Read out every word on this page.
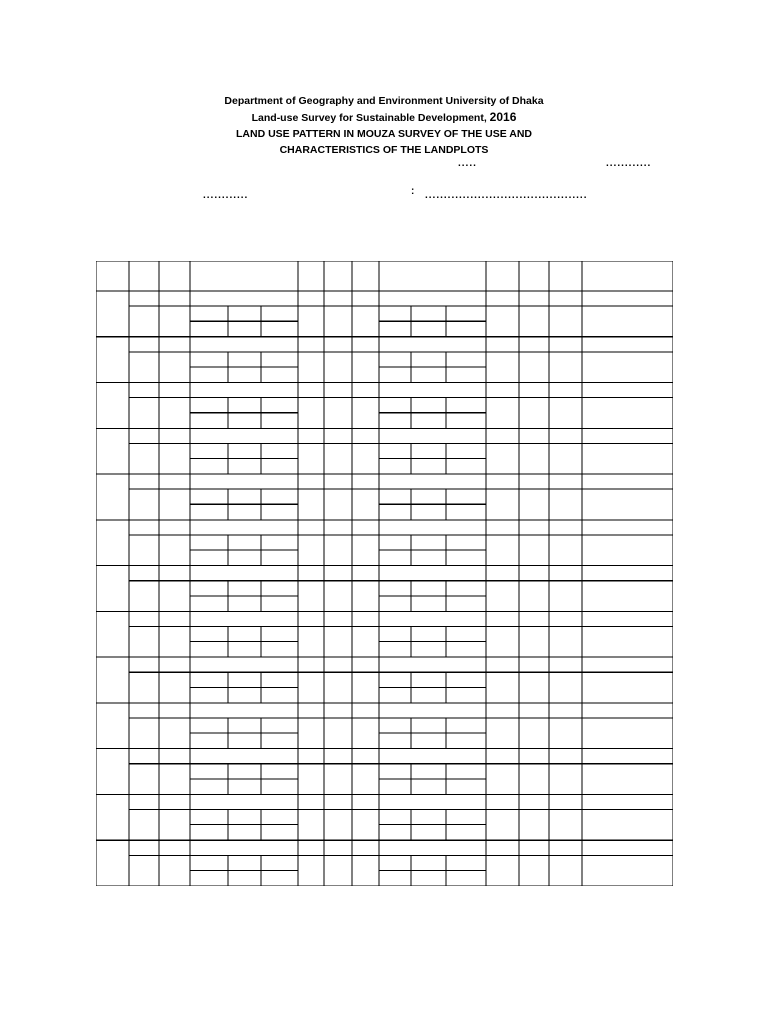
Department of Geography and Environment University of Dhaka
Land-use Survey for Sustainable Development, 2016
LAND USE PATTERN IN MOUZA SURVEY OF THE USE AND
CHARACTERISTICS OF THE LANDPLOTS
.....	............
............	: ...........................................
